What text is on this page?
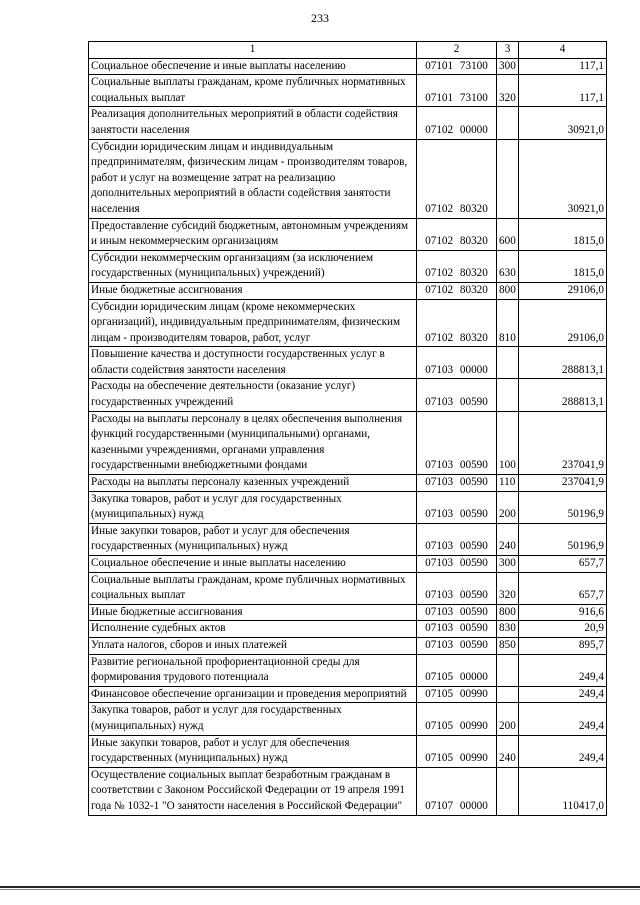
233
1	2	3	4
Социальное обеспечение и иные выплаты населению	07101 73100	300	117,1
Социальные выплаты гражданам, кроме публичных нормативных социальных выплат	07101 73100	320	117,1
Реализация дополнительных мероприятий в области содействия занятости населения	07102 00000		30921,0
Субсидии юридическим лицам и индивидуальным предпринимателям, физическим лицам - производителям товаров, работ и услуг на возмещение затрат на реализацию дополнительных мероприятий в области содействия занятости населения	07102 80320		30921,0
Предоставление субсидий бюджетным, автономным учреждениям и иным некоммерческим организациям	07102 80320	600	1815,0
Субсидии некоммерческим организациям (за исключением государственных (муниципальных) учреждений)	07102 80320	630	1815,0
Иные бюджетные ассигнования	07102 80320	800	29106,0
Субсидии юридическим лицам (кроме некоммерческих организаций), индивидуальным предпринимателям, физическим лицам - производителям товаров, работ, услуг	07102 80320	810	29106,0
Повышение качества и доступности государственных услуг в области содействия занятости населения	07103 00000		288813,1
Расходы на обеспечение деятельности (оказание услуг) государственных учреждений	07103 00590		288813,1
Расходы на выплаты персоналу в целях обеспечения выполнения функций государственными (муниципальными) органами, казенными учреждениями, органами управления государственными внебюджетными фондами	07103 00590	100	237041,9
Расходы на выплаты персоналу казенных учреждений	07103 00590	110	237041,9
Закупка товаров, работ и услуг для государственных (муниципальных) нужд	07103 00590	200	50196,9
Иные закупки товаров, работ и услуг для обеспечения государственных (муниципальных) нужд	07103 00590	240	50196,9
Социальное обеспечение и иные выплаты населению	07103 00590	300	657,7
Социальные выплаты гражданам, кроме публичных нормативных социальных выплат	07103 00590	320	657,7
Иные бюджетные ассигнования	07103 00590	800	916,6
Исполнение судебных актов	07103 00590	830	20,9
Уплата налогов, сборов и иных платежей	07103 00590	850	895,7
Развитие региональной профориентационной среды для формирования трудового потенциала	07105 00000		249,4
Финансовое обеспечение организации и проведения мероприятий	07105 00990		249,4
Закупка товаров, работ и услуг для государственных (муниципальных) нужд	07105 00990	200	249,4
Иные закупки товаров, работ и услуг для обеспечения государственных (муниципальных) нужд	07105 00990	240	249,4
Осуществление социальных выплат безработным гражданам в соответствии с Законом Российской Федерации от 19 апреля 1991 года № 1032-1 "О занятости населения в Российской Федерации"	07107 00000		110417,0
